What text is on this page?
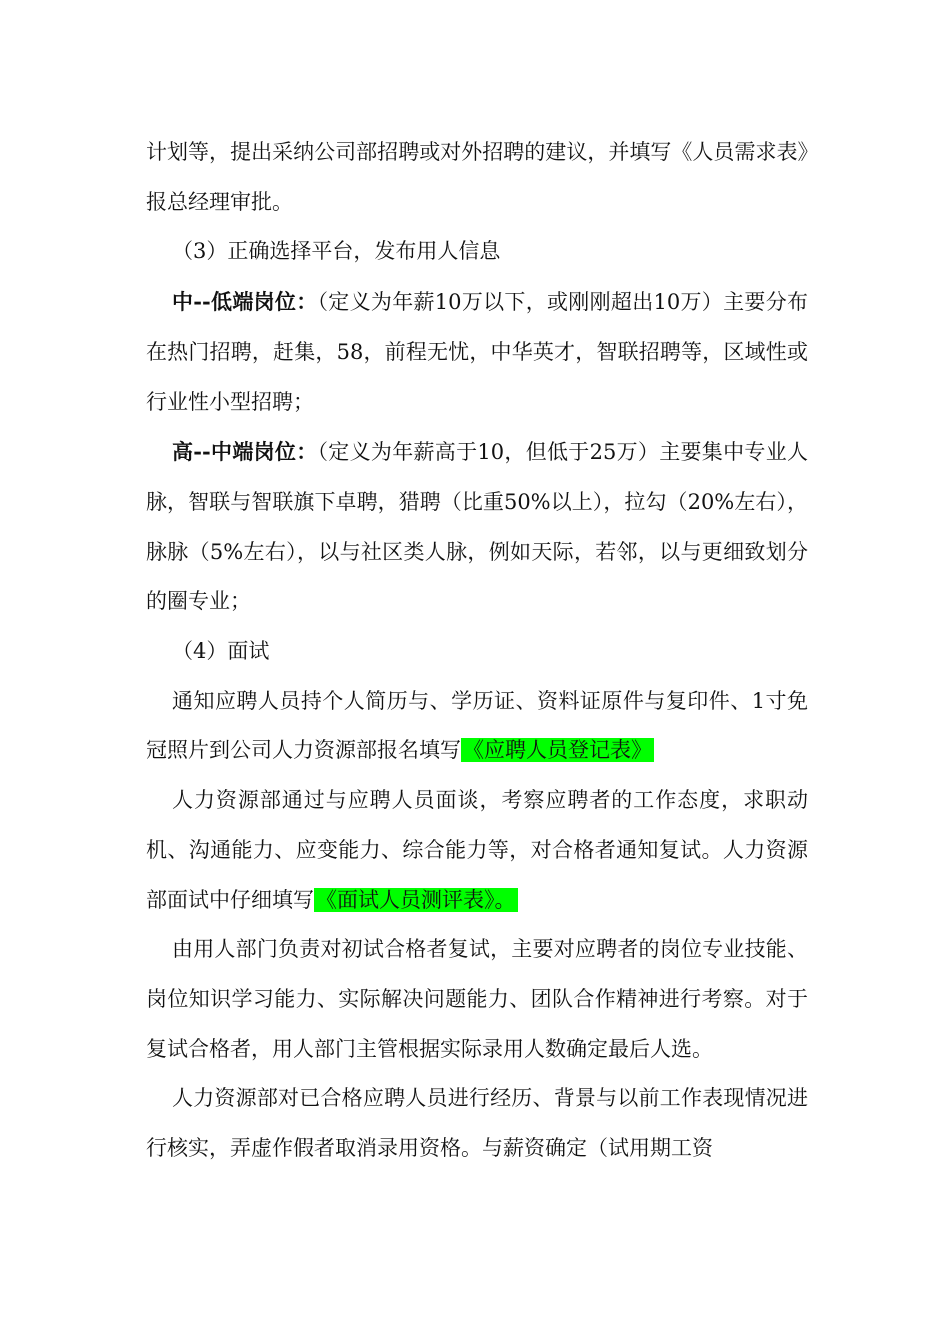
计划等，提出采纳公司部招聘或对外招聘的建议，并填写《人员需求表》报总经理审批。

（3）正确选择平台，发布用人信息

中--低端岗位：（定义为年薪10万以下，或刚刚超出10万）主要分布在热门招聘，赶集，58，前程无忧，中华英才，智联招聘等，区域性或行业性小型招聘；

高--中端岗位：（定义为年薪高于10，但低于25万）主要集中专业人脉，智联与智联旗下卓聘，猎聘（比重50%以上），拉勾（20%左右），脉脉（5%左右），以与社区类人脉，例如天际，若邻，以与更细致划分的圈专业；

（4）面试

通知应聘人员持个人简历与、学历证、资料证原件与复印件、1寸免冠照片到公司人力资源部报名填写《应聘人员登记表》

人力资源部通过与应聘人员面谈，考察应聘者的工作态度，求职动机、沟通能力、应变能力、综合能力等，对合格者通知复试。人力资源部面试中仔细填写《面试人员测评表》。

由用人部门负责对初试合格者复试，主要对应聘者的岗位专业技能、岗位知识学习能力、实际解决问题能力、团队合作精神进行考察。对于复试合格者，用人部门主管根据实际录用人数确定最后人选。

人力资源部对已合格应聘人员进行经历、背景与以前工作表现情况进行核实，弄虚作假者取消录用资格。与薪资确定（试用期工资
